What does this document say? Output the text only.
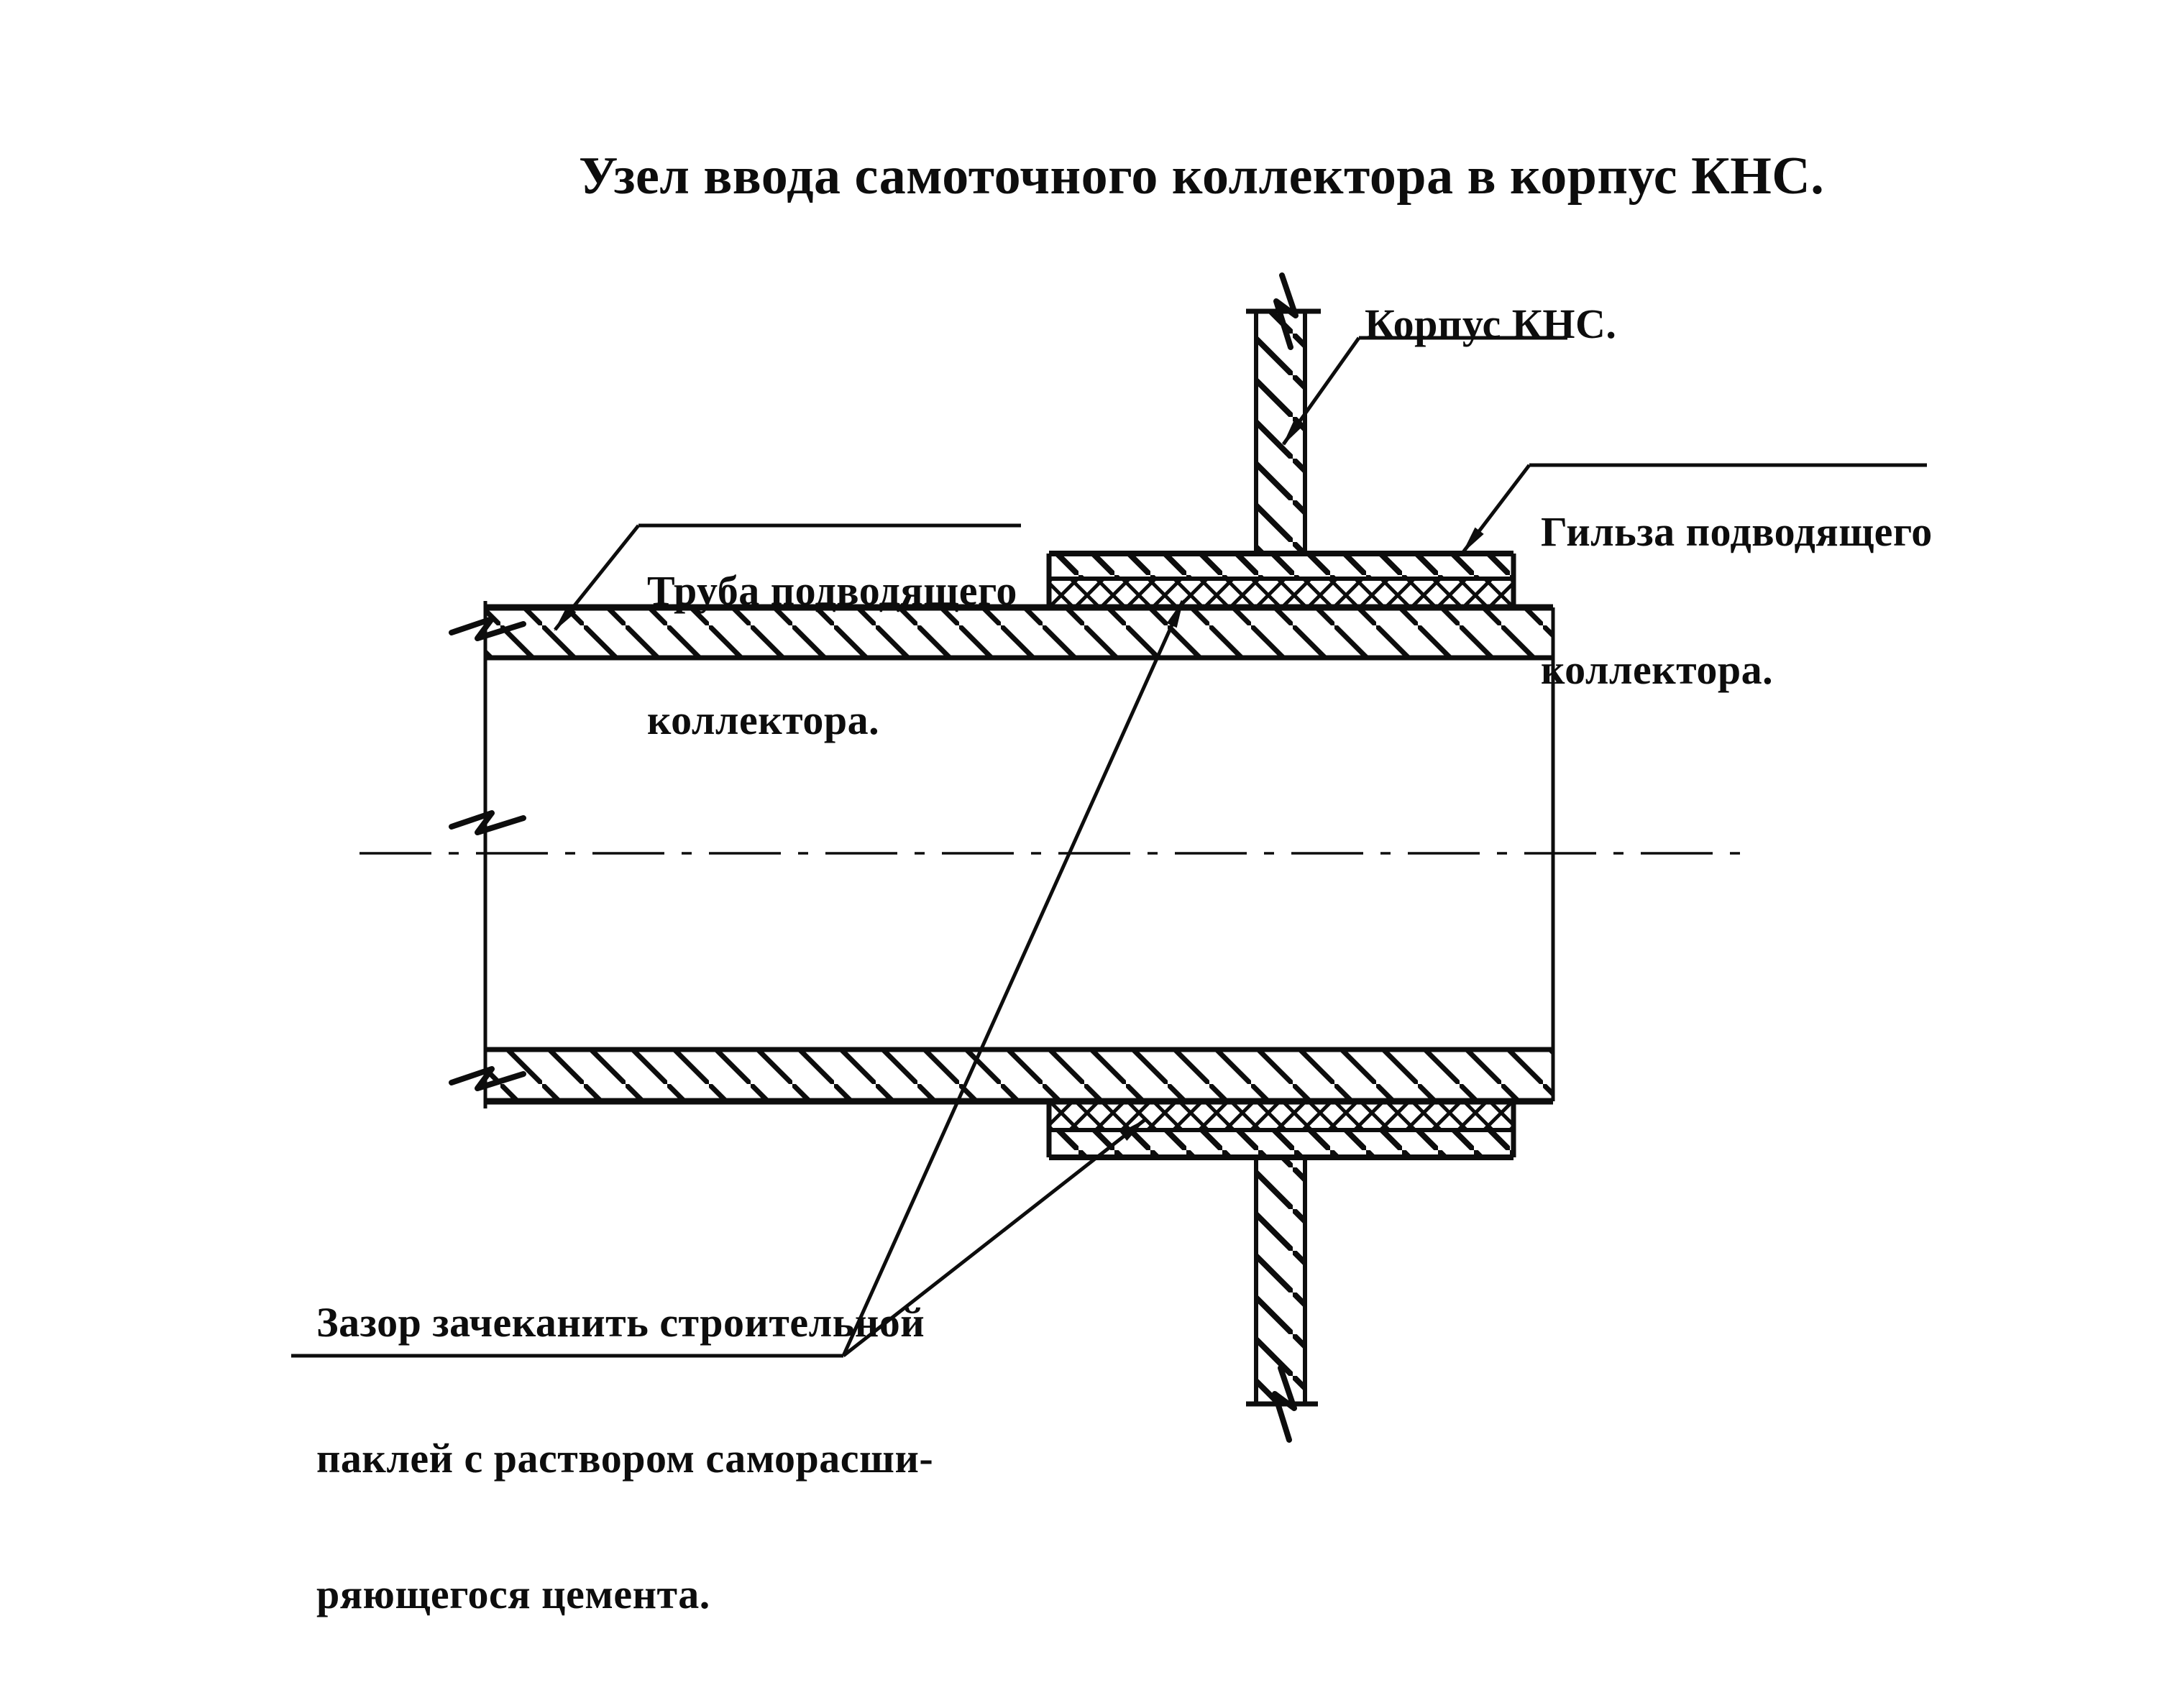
Узел ввода самоточного коллектора в корпус КНС.
Корпус КНС.

Гильза подводящего

коллектора.

Труба подводящего

коллектора.

Зазор зачеканить строительной

паклей с раствором саморасши-

ряющегося цемента.
